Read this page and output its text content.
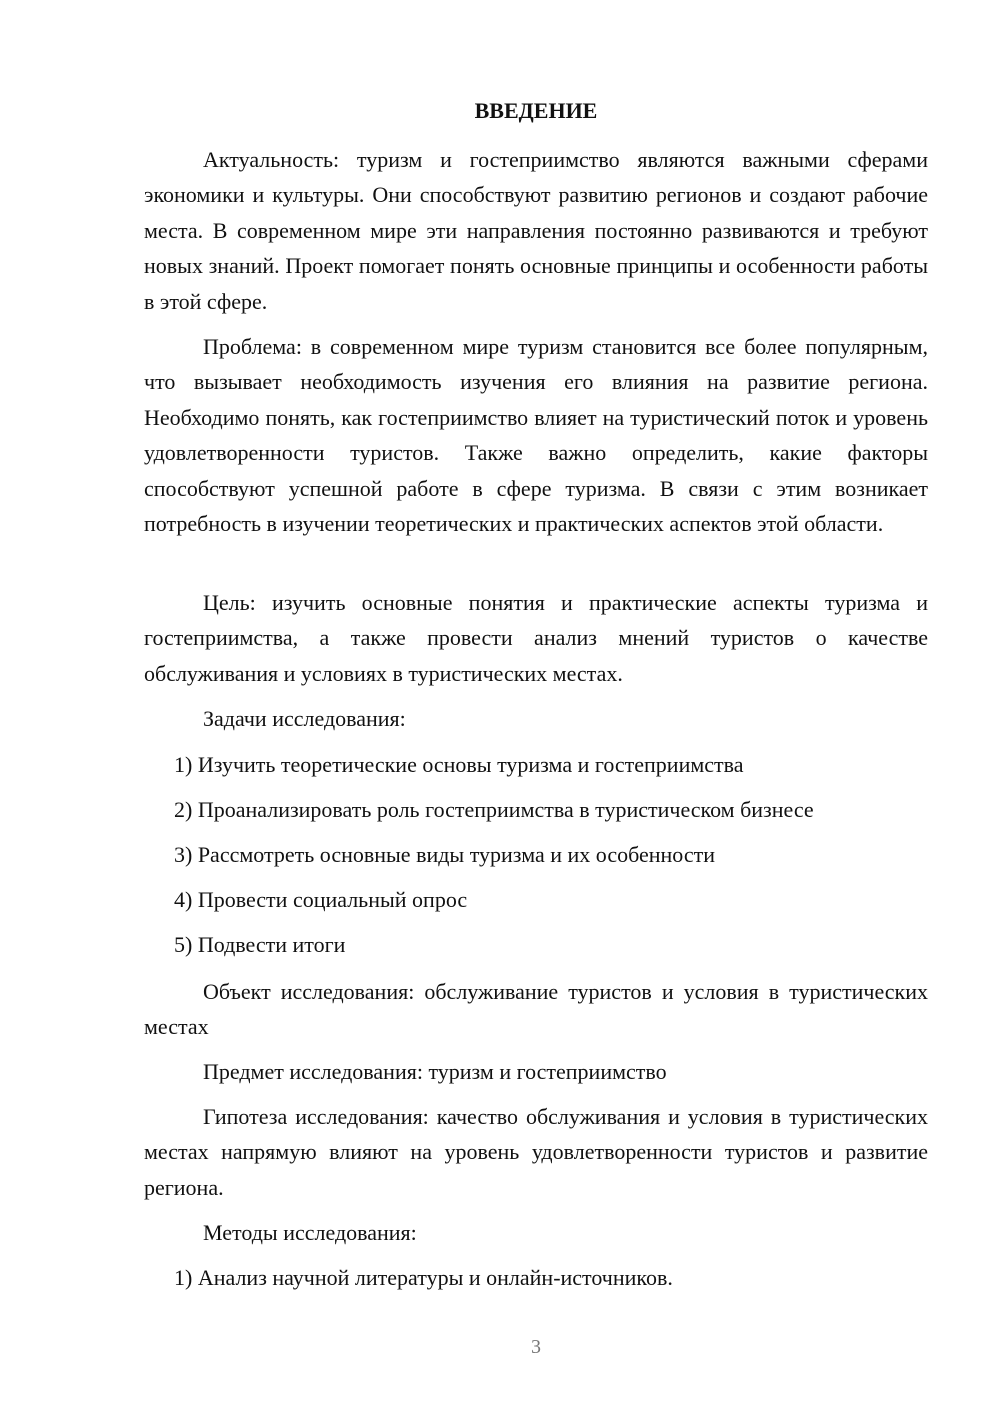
ВВЕДЕНИЕ

Актуальность: туризм и гостеприимство являются важными сферами экономики и культуры. Они способствуют развитию регионов и создают рабочие места. В современном мире эти направления постоянно развиваются и требуют новых знаний. Проект помогает понять основные принципы и особенности работы в этой сфере.

Проблема: в современном мире туризм становится все более популярным, что вызывает необходимость изучения его влияния на развитие региона. Необходимо понять, как гостеприимство влияет на туристический поток и уровень удовлетворенности туристов. Также важно определить, какие факторы способствуют успешной работе в сфере туризма. В связи с этим возникает потребность в изучении теоретических и практических аспектов этой области.

Цель: изучить основные понятия и практические аспекты туризма и гостеприимства, а также провести анализ мнений туристов о качестве обслуживания и условиях в туристических местах.

Задачи исследования:
1) Изучить теоретические основы туризма и гостеприимства
2) Проанализировать роль гостеприимства в туристическом бизнесе
3) Рассмотреть основные виды туризма и их особенности
4) Провести социальный опрос
5) Подвести итоги

Объект исследования: обслуживание туристов и условия в туристических местах

Предмет исследования: туризм и гостеприимство

Гипотеза исследования: качество обслуживания и условия в туристических местах напрямую влияют на уровень удовлетворенности туристов и развитие региона.

Методы исследования:
1) Анализ научной литературы и онлайн-источников.
3
